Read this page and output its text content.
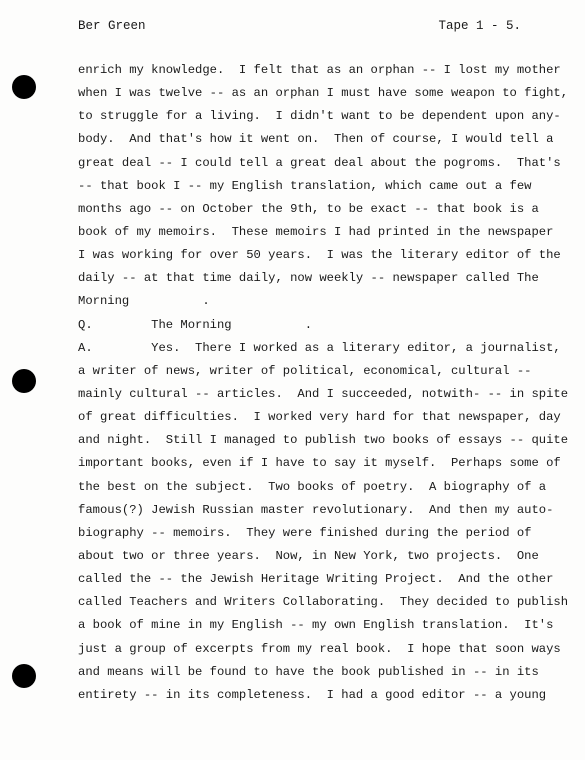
Ber Green	Tape 1 - 5.
enrich my knowledge.  I felt that as an orphan -- I lost my mother
when I was twelve -- as an orphan I must have some weapon to fight,
to struggle for a living.  I didn't want to be dependent upon any-
body.  And that's how it went on.  Then of course, I would tell a
great deal -- I could tell a great deal about the pogroms.  That's
-- that book I -- my English translation, which came out a few
months ago -- on October the 9th, to be exact -- that book is a
book of my memoirs.  These memoirs I had printed in the newspaper
I was working for over 50 years.  I was the literary editor of the
daily -- at that time daily, now weekly -- newspaper called The
Morning          .
Q.        The Morning          .
A.        Yes.  There I worked as a literary editor, a journalist,
a writer of news, writer of political, economical, cultural --
mainly cultural -- articles.  And I succeeded, notwith- -- in spite
of great difficulties.  I worked very hard for that newspaper, day
and night.  Still I managed to publish two books of essays -- quite
important books, even if I have to say it myself.  Perhaps some of
the best on the subject.  Two books of poetry.  A biography of a
famous(?) Jewish Russian master revolutionary.  And then my auto-
biography -- memoirs.  They were finished during the period of
about two or three years.  Now, in New York, two projects.  One
called the -- the Jewish Heritage Writing Project.  And the other
called Teachers and Writers Collaborating.  They decided to publish
a book of mine in my English -- my own English translation.  It's
just a group of excerpts from my real book.  I hope that soon ways
and means will be found to have the book published in -- in its
entirety -- in its completeness.  I had a good editor -- a young
